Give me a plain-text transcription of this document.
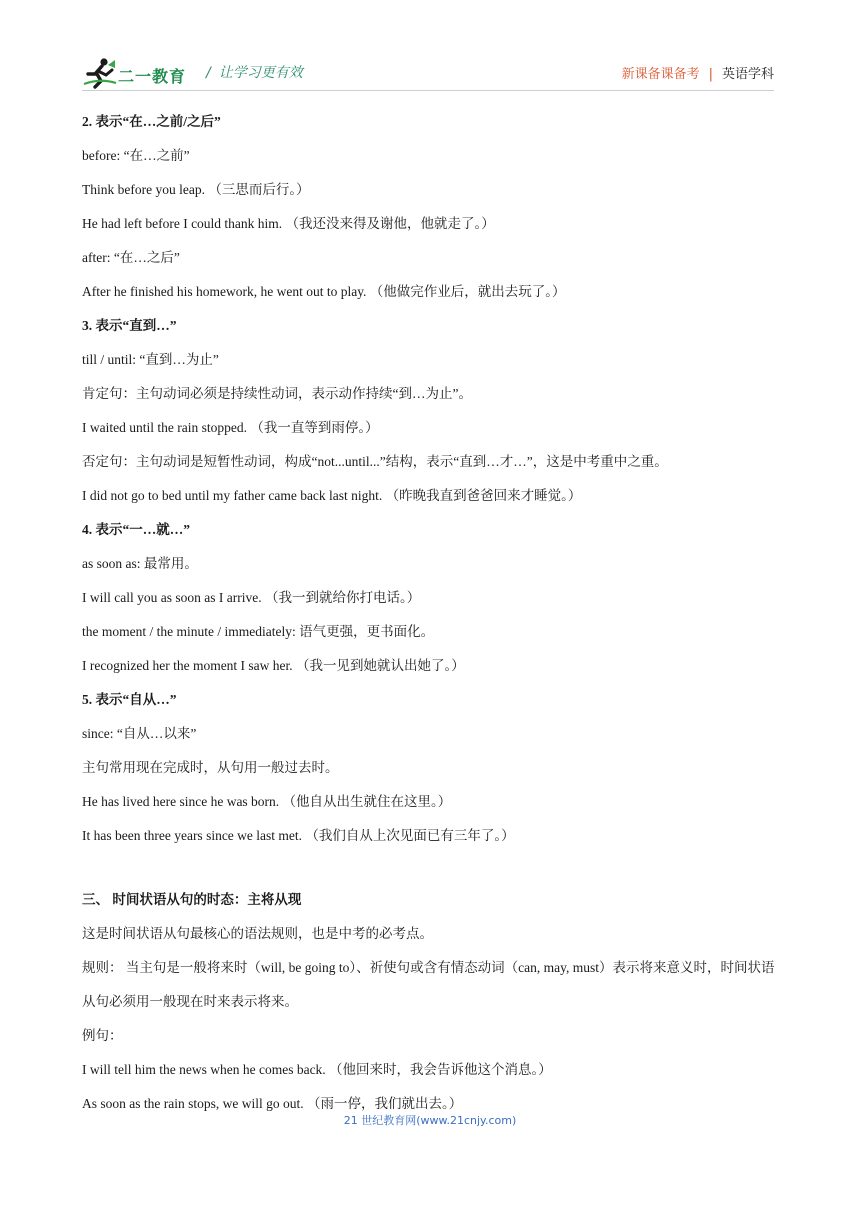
二一教育 / 让学习更有效	新课备课备考 | 英语学科
2. 表示“在…之前/之后”
before: “在…之前”
Think before you leap. （三思而后行。）
He had left before I could thank him. （我还没来得及谢他，他就走了。）
after: “在…之后”
After he finished his homework, he went out to play. （他做完作业后，就出去玩了。）
3. 表示“直到…”
till / until: “直到…为止”
肯定句：主句动词必须是持续性动词，表示动作持续“到…为止”。
I waited until the rain stopped. （我一直等到雨停。）
否定句：主句动词是短暂性动词，构成“not...until...”结构，表示“直到…才…”，这是中考重中之重。
I did not go to bed until my father came back last night. （昨晚我直到爸爸回来才睡觉。）
4. 表示“一…就…”
as soon as: 最常用。
I will call you as soon as I arrive. （我一到就给你打电话。）
the moment / the minute / immediately: 语气更强，更书面化。
I recognized her the moment I saw her. （我一见到她就认出她了。）
5. 表示“自从…”
since: “自从…以来”
主句常用现在完成时，从句用一般过去时。
He has lived here since he was born. （他自从出生就住在这里。）
It has been three years since we last met. （我们自从上次见面已有三年了。）
三、 时间状语从句的时态：主将从现
这是时间状语从句最核心的语法规则，也是中考的必考点。
规则： 当主句是一般将来时（will, be going to）、祈使句或含有情态动词（can, may, must）表示将来意义时，时间状语从句必须用一般现在时来表示将来。
例句：
I will tell him the news when he comes back. （他回来时，我会告诉他这个消息。）
As soon as the rain stops, we will go out. （雨一停，我们就出去。）
21 世纪教育网(www.21cnjy.com)
